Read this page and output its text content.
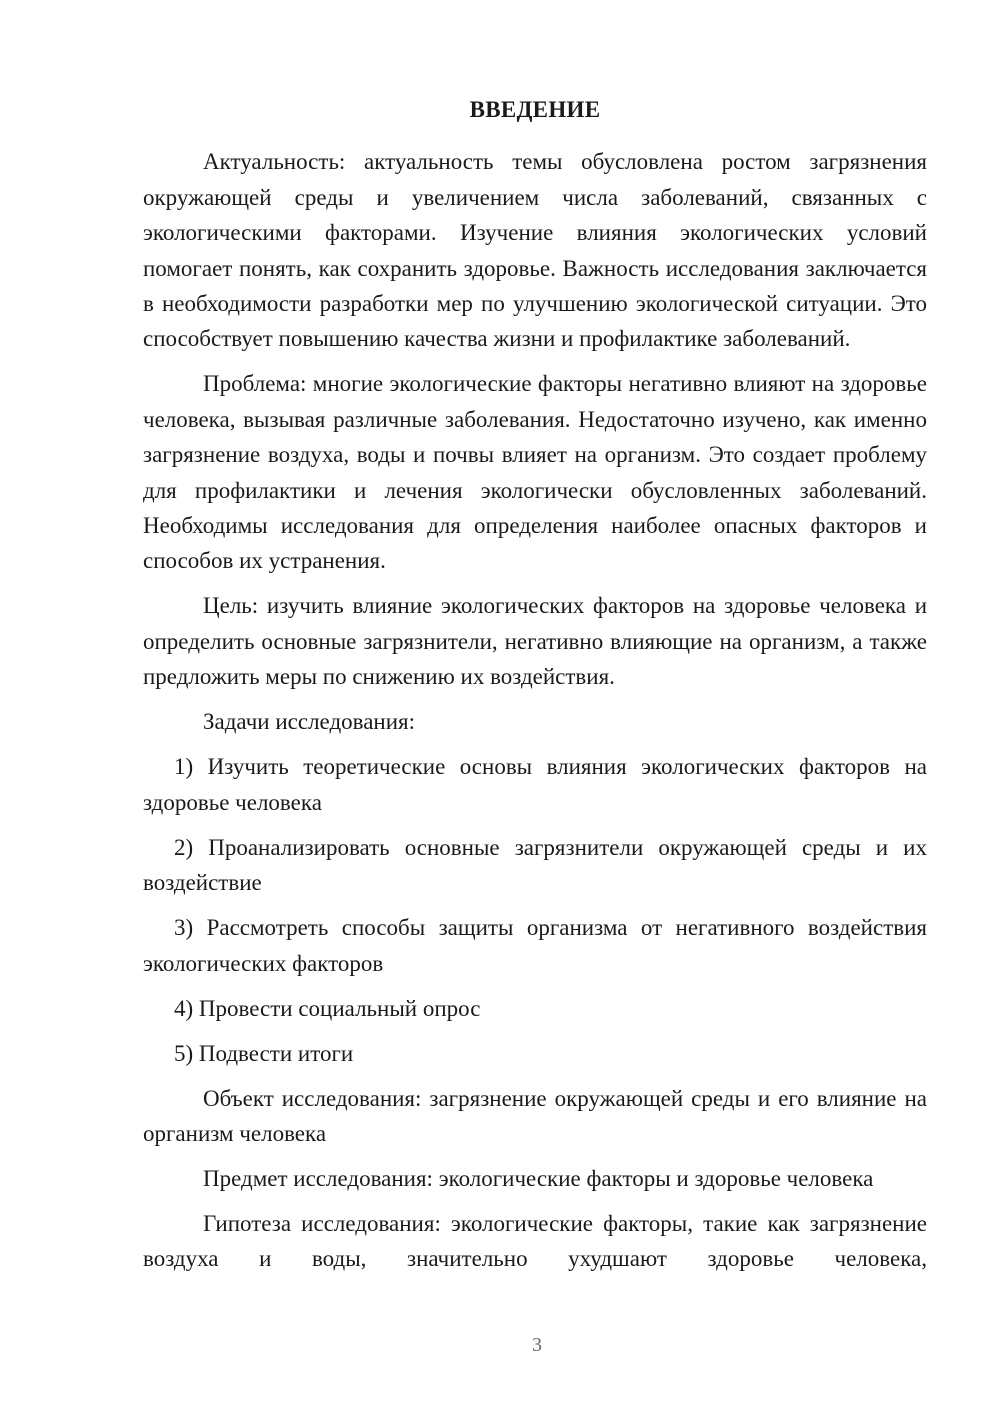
ВВЕДЕНИЕ

Актуальность: актуальность темы обусловлена ростом загрязнения окружающей среды и увеличением числа заболеваний, связанных с экологическими факторами. Изучение влияния экологических условий помогает понять, как сохранить здоровье. Важность исследования заключается в необходимости разработки мер по улучшению экологической ситуации. Это способствует повышению качества жизни и профилактике заболеваний.

Проблема: многие экологические факторы негативно влияют на здоровье человека, вызывая различные заболевания. Недостаточно изучено, как именно загрязнение воздуха, воды и почвы влияет на организм. Это создает проблему для профилактики и лечения экологически обусловленных заболеваний. Необходимы исследования для определения наиболее опасных факторов и способов их устранения.

Цель: изучить влияние экологических факторов на здоровье человека и определить основные загрязнители, негативно влияющие на организм, а также предложить меры по снижению их воздействия.

Задачи исследования:

1) Изучить теоретические основы влияния экологических факторов на здоровье человека

2) Проанализировать основные загрязнители окружающей среды и их воздействие

3) Рассмотреть способы защиты организма от негативного воздействия экологических факторов

4) Провести социальный опрос

5) Подвести итоги

Объект исследования: загрязнение окружающей среды и его влияние на организм человека

Предмет исследования: экологические факторы и здоровье человека

Гипотеза исследования: экологические факторы, такие как загрязнение воздуха и воды, значительно ухудшают здоровье человека,

3
